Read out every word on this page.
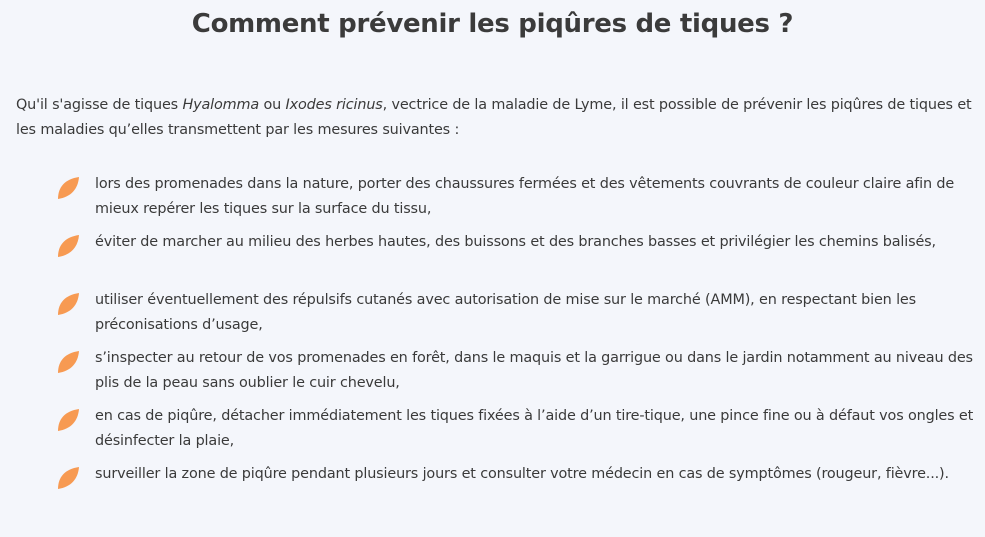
Comment prévenir les piqûres de tiques ?

Qu'il s'agisse de tiques Hyalomma ou Ixodes ricinus, vectrice de la maladie de Lyme, il est possible de prévenir les piqûres de tiques et les maladies qu’elles transmettent par les mesures suivantes :

lors des promenades dans la nature, porter des chaussures fermées et des vêtements couvrants de couleur claire afin de mieux repérer les tiques sur la surface du tissu,

éviter de marcher au milieu des herbes hautes, des buissons et des branches basses et privilégier les chemins balisés,

utiliser éventuellement des répulsifs cutanés avec autorisation de mise sur le marché (AMM), en respectant bien les préconisations d’usage,

s’inspecter au retour de vos promenades en forêt, dans le maquis et la garrigue ou dans le jardin notamment au niveau des plis de la peau sans oublier le cuir chevelu,

en cas de piqûre, détacher immédiatement les tiques fixées à l’aide d’un tire-tique, une pince fine ou à défaut vos ongles et désinfecter la plaie,

surveiller la zone de piqûre pendant plusieurs jours et consulter votre médecin en cas de symptômes (rougeur, fièvre...).
